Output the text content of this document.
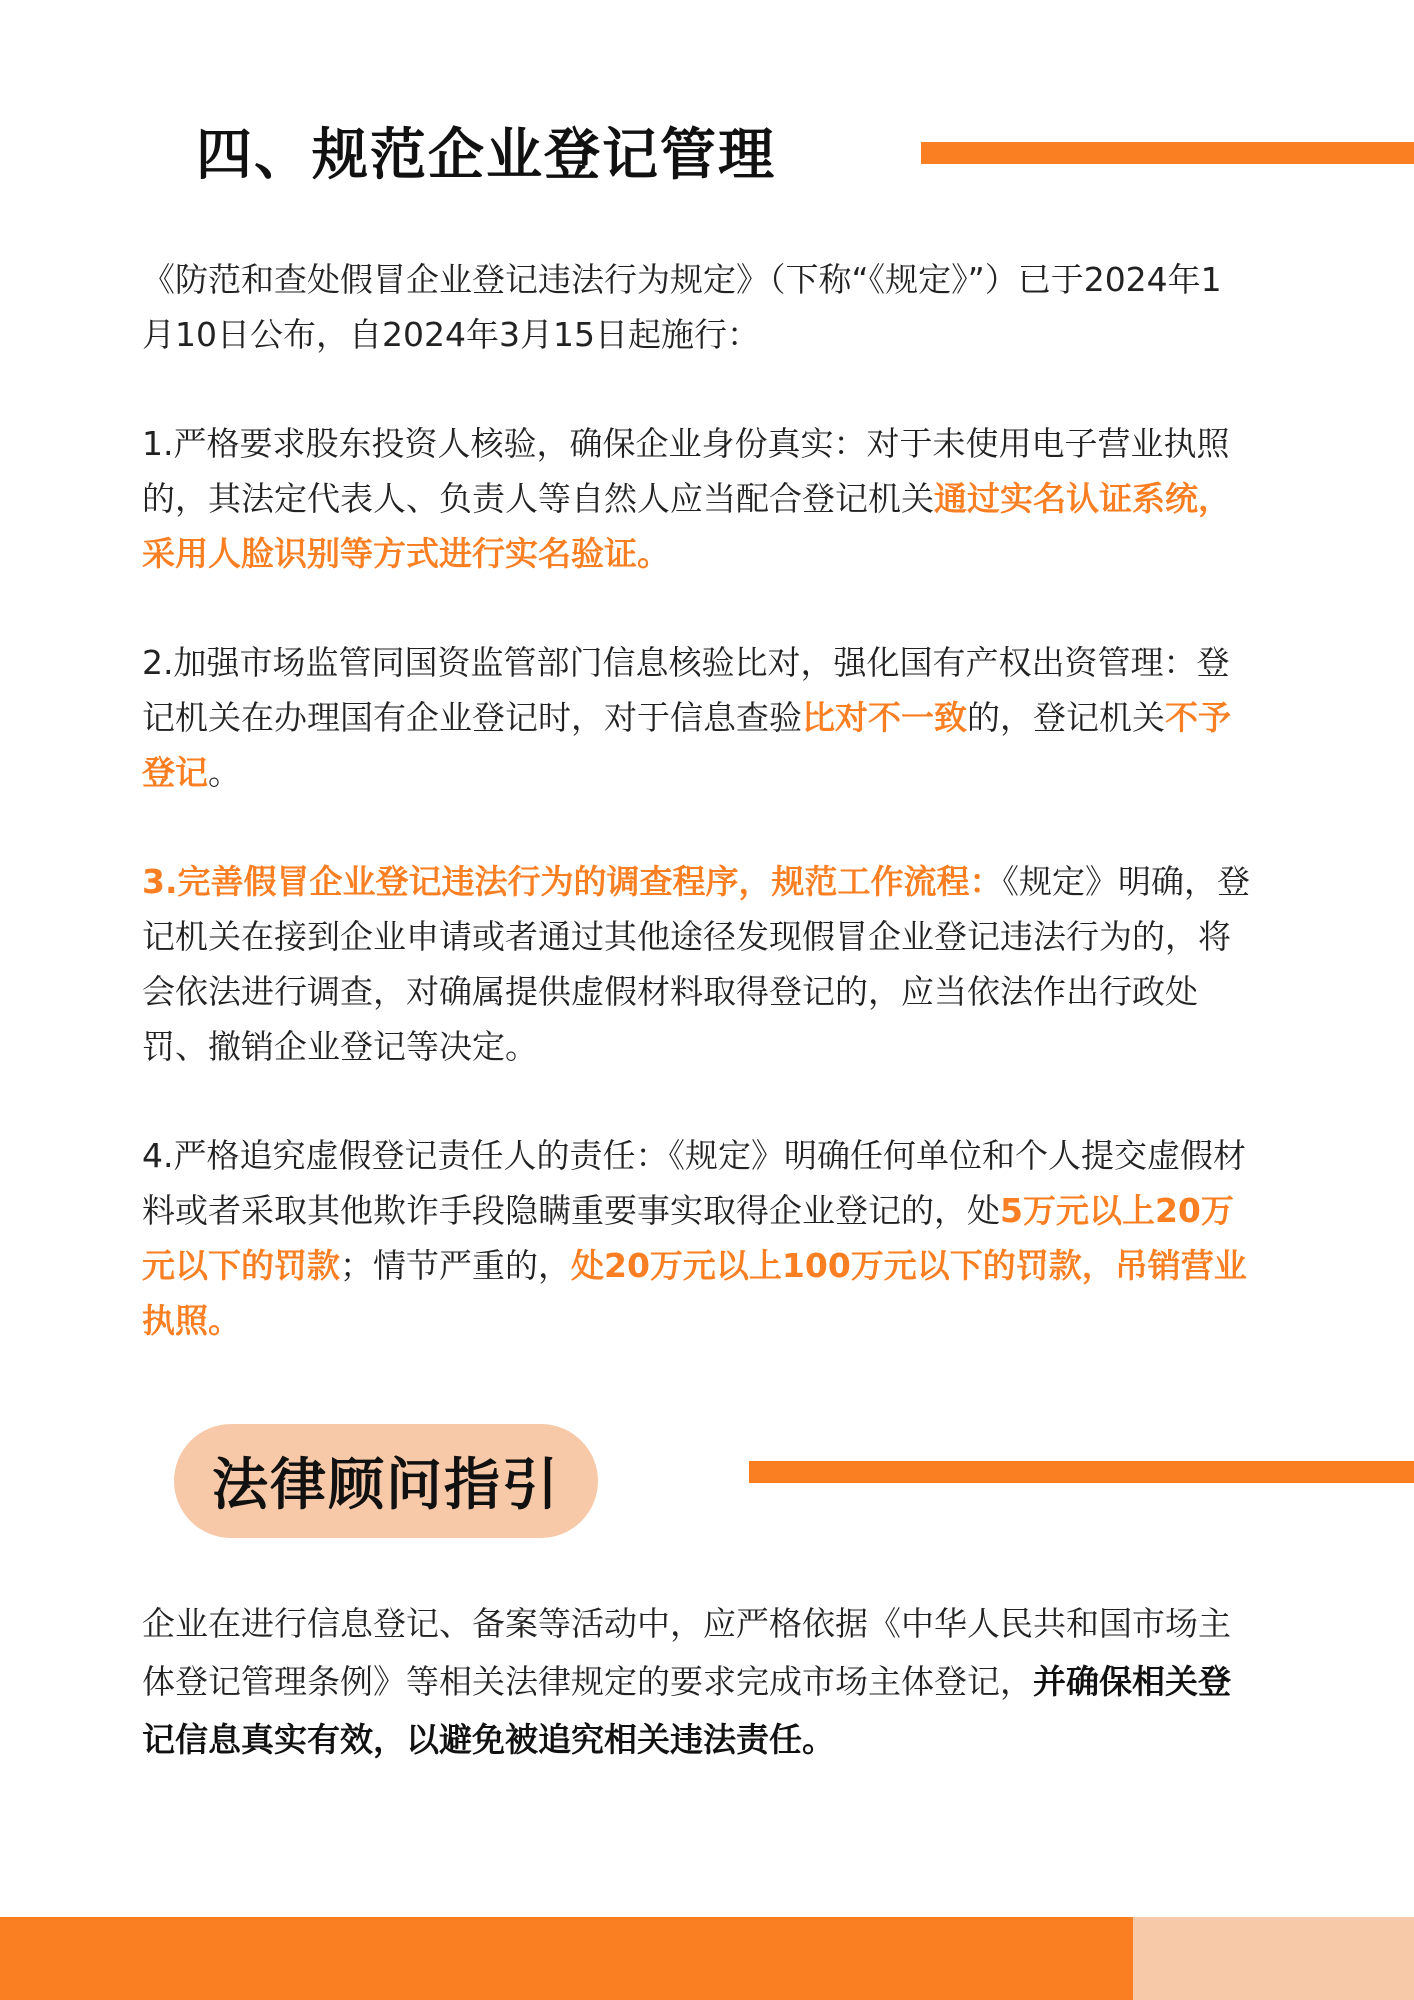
四、规范企业登记管理

《防范和查处假冒企业登记违法行为规定》（下称“《规定》”）已于2024年1月10日公布，自2024年3月15日起施行：

1.严格要求股东投资人核验，确保企业身份真实：对于未使用电子营业执照的，其法定代表人、负责人等自然人应当配合登记机关通过实名认证系统，采用人脸识别等方式进行实名验证。

2.加强市场监管同国资监管部门信息核验比对，强化国有产权出资管理：登记机关在办理国有企业登记时，对于信息查验比对不一致的，登记机关不予登记。

3.完善假冒企业登记违法行为的调查程序，规范工作流程：《规定》明确，登记机关在接到企业申请或者通过其他途径发现假冒企业登记违法行为的，将会依法进行调查，对确属提供虚假材料取得登记的，应当依法作出行政处罚、撤销企业登记等决定。

4.严格追究虚假登记责任人的责任：《规定》明确任何单位和个人提交虚假材料或者采取其他欺诈手段隐瞒重要事实取得企业登记的，处5万元以上20万元以下的罚款；情节严重的，处20万元以上100万元以下的罚款，吊销营业执照。

法律顾问指引

企业在进行信息登记、备案等活动中，应严格依据《中华人民共和国市场主体登记管理条例》等相关法律规定的要求完成市场主体登记，并确保相关登记信息真实有效，以避免被追究相关违法责任。
